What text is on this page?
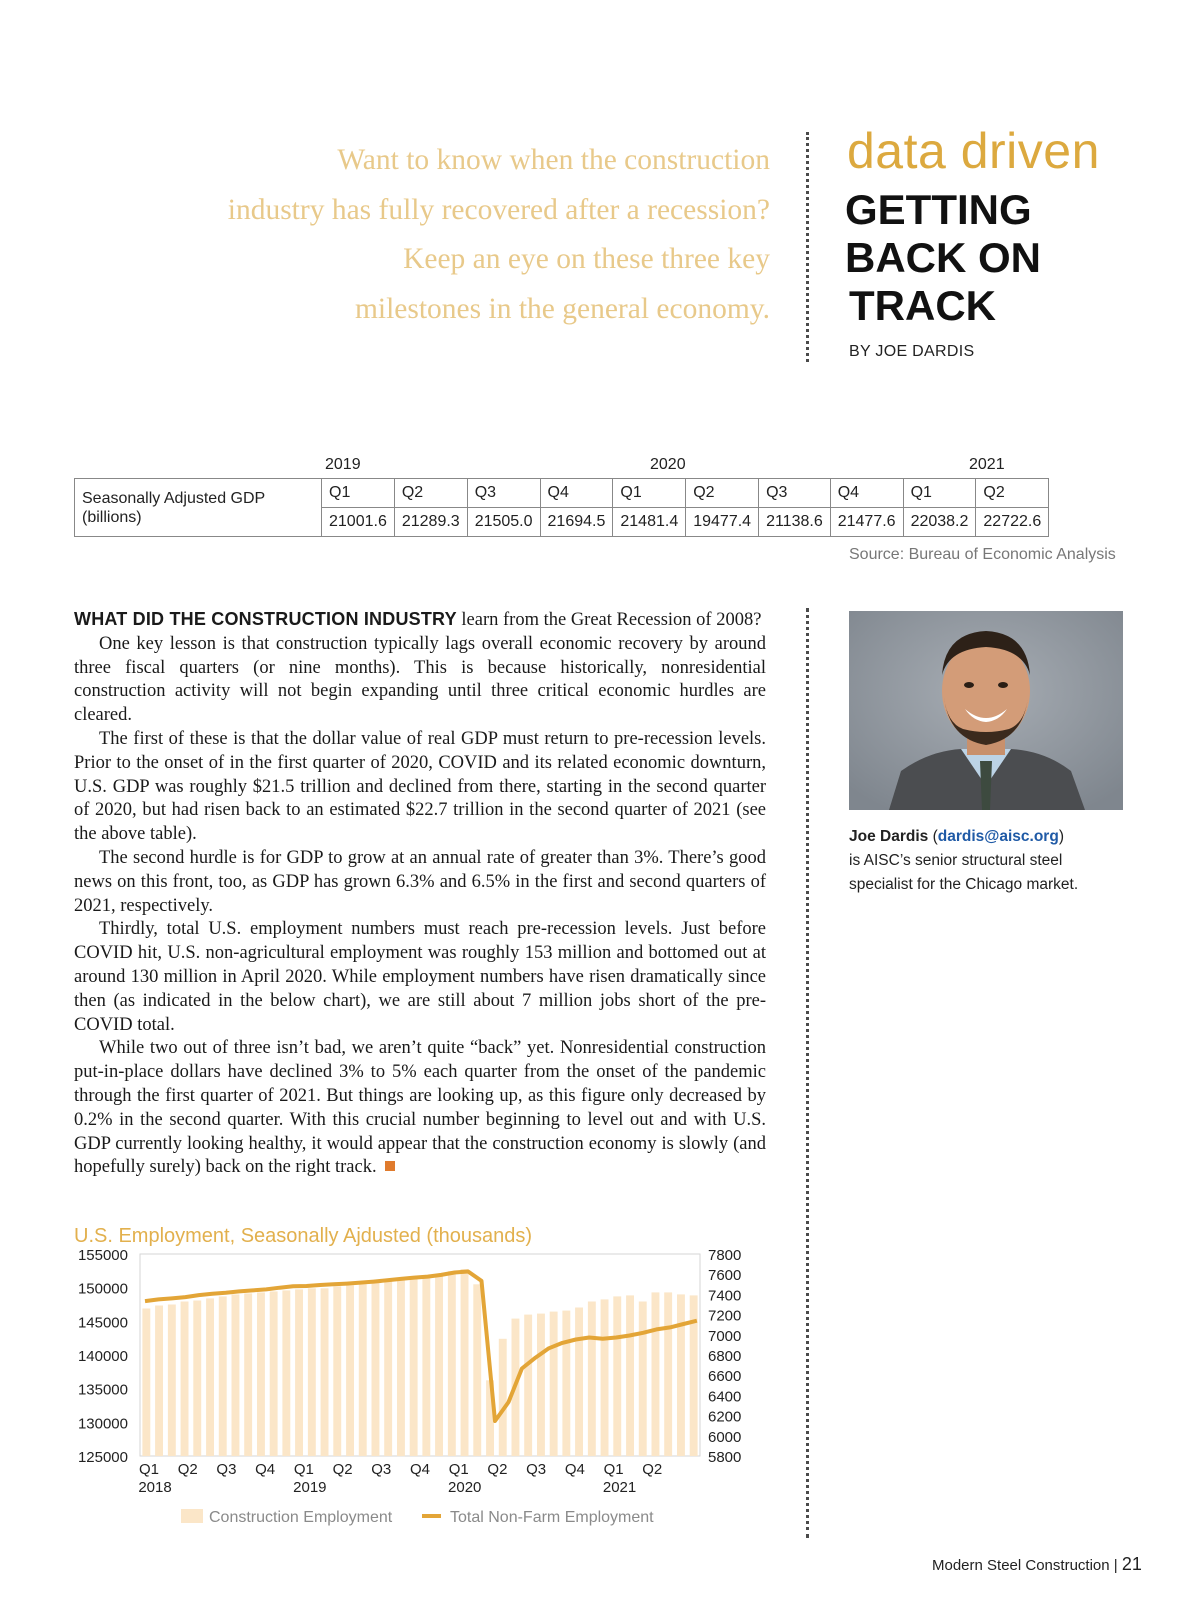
Want to know when the construction
industry has fully recovered after a recession?
Keep an eye on these three key
milestones in the general economy.
data driven
GETTING
BACK ON
TRACK
BY JOE DARDIS
2019	2020	2021
Seasonally Adjusted GDP (billions)	Q1	Q2	Q3	Q4	Q1	Q2	Q3	Q4	Q1	Q2
	21001.6	21289.3	21505.0	21694.5	21481.4	19477.4	21138.6	21477.6	22038.2	22722.6
Source: Bureau of Economic Analysis

WHAT DID THE CONSTRUCTION INDUSTRY learn from the Great Recession of 2008?

One key lesson is that construction typically lags overall economic recovery by around three fiscal quarters (or nine months). This is because historically, nonresidential construction activity will not begin expanding until three critical economic hurdles are cleared.

The first of these is that the dollar value of real GDP must return to pre-recession levels. Prior to the onset of in the first quarter of 2020, COVID and its related economic downturn, U.S. GDP was roughly $21.5 trillion and declined from there, starting in the second quarter of 2020, but had risen back to an estimated $22.7 trillion in the second quarter of 2021 (see the above table).

The second hurdle is for GDP to grow at an annual rate of greater than 3%. There’s good news on this front, too, as GDP has grown 6.3% and 6.5% in the first and second quarters of 2021, respectively.

Thirdly, total U.S. employment numbers must reach pre-recession levels. Just before COVID hit, U.S. non-agricultural employment was roughly 153 million and bottomed out at around 130 million in April 2020. While employment numbers have risen dramatically since then (as indicated in the below chart), we are still about 7 million jobs short of the pre-COVID total.

While two out of three isn’t bad, we aren’t quite “back” yet. Nonresidential construction put-in-place dollars have declined 3% to 5% each quarter from the onset of the pandemic through the first quarter of 2021. But things are looking up, as this figure only decreased by 0.2% in the second quarter. With this crucial number beginning to level out and with U.S. GDP currently looking healthy, it would appear that the construction economy is slowly (and hopefully surely) back on the right track.

Joe Dardis (dardis@aisc.org)
is AISC’s senior structural steel specialist for the Chicago market.
U.S. Employment, Seasonally Ajdusted (thousands)
155000
150000
145000
140000
135000
130000
125000
7800
7600
7400
7200
7000
6800
6600
6400
6200
6000
5800
Q1 Q2 Q3 Q4 Q1 Q2 Q3 Q4 Q1 Q2 Q3 Q4 Q1 Q2
2018	2019	2020	2021
Construction Employment	Total Non-Farm Employment
Modern Steel Construction | 21
